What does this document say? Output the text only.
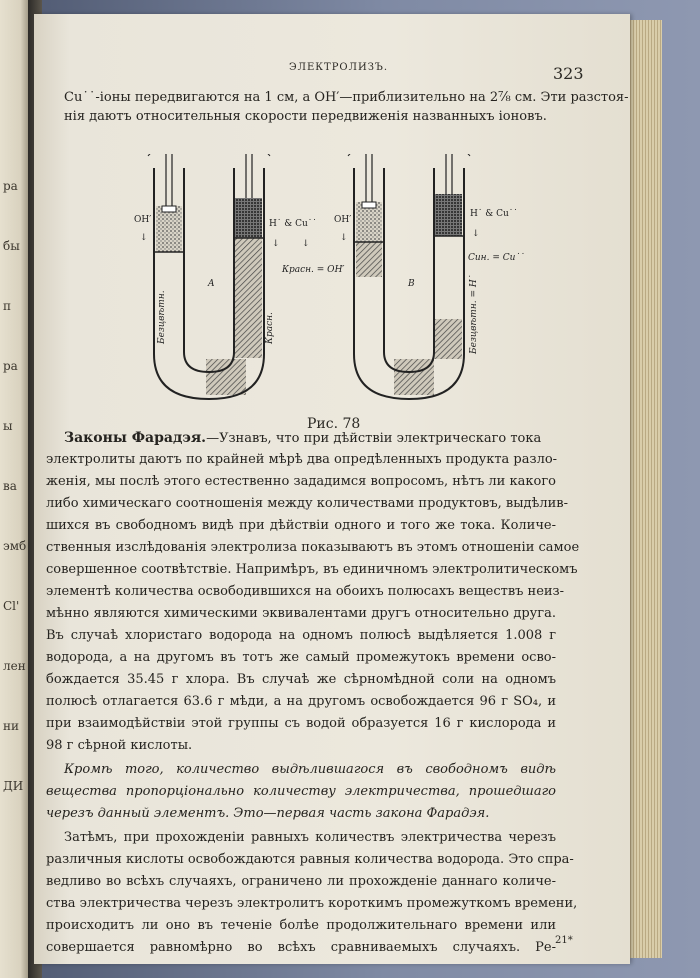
ра
бы
п
ра
ы
ва
эмб
Cl'
лен
ни
ДИ
ЭЛЕКТРОЛИЗЪ.	323
Cu˙˙-іоны передвигаются на 1 см, а OH′—приблизительно на 2⅞ см. Эти разстоя-
нія даютъ относительныя скорости передвиженія названныхъ іоновъ.
OH′	H˙ & Cu˙˙
↓
↓ ↓
A
Безцвѣтн.	Красн.
OH′
H˙ & Cu˙˙
↓	↓
Красн. = OH′
Син. = Cu˙˙
B	Безцвѣтн. = H˙
Рис. 78
Законы Фарадэя.—Узнавъ, что при дѣйствіи электрическаго тока
электролиты даютъ по крайней мѣрѣ два опредѣленныхъ продукта разло-
женія, мы послѣ этого естественно зададимся вопросомъ, нѣтъ ли какого
либо химическаго соотношенія между количествами продуктовъ, выдѣлив-
шихся въ свободномъ видѣ при дѣйствіи одного и того же тока. Количе-
ственныя изслѣдованія электролиза показываютъ въ этомъ отношеніи самое
совершенное соотвѣтствіе. Напримѣръ, въ единичномъ электролитическомъ
элементѣ количества освободившихся на обоихъ полюсахъ веществъ неиз-
мѣнно являются химическими эквивалентами другъ относительно друга.
Въ случаѣ хлористаго водорода на одномъ полюсѣ выдѣляется 1.008 г
водорода, а на другомъ въ тотъ же самый промежутокъ времени осво-
бождается 35.45 г хлора. Въ случаѣ же сѣрномѣдной соли на одномъ
полюсѣ отлагается 63.6 г мѣди, а на другомъ освобождается 96 г SO₄, и
при взаимодѣйствіи этой группы съ водой образуется 16 г кислорода и
98 г сѣрной кислоты.
Кромѣ того, количество выдѣлившагося въ свободномъ видѣ
вещества пропорціонально количеству электричества, прошедшаго
черезъ данный элементъ. Это—первая часть закона Фарадэя.
Затѣмъ, при прохожденіи равныхъ количествъ электричества черезъ
различныя кислоты освобождаются равныя количества водорода. Это спра-
ведливо во всѣхъ случаяхъ, ограничено ли прохожденіе даннаго количе-
ства электричества черезъ электролитъ короткимъ промежуткомъ времени,
происходитъ ли оно въ теченіе болѣе продолжительнаго времени или
совершается равномѣрно во всѣхъ сравниваемыхъ случаяхъ. Ре- 21*
